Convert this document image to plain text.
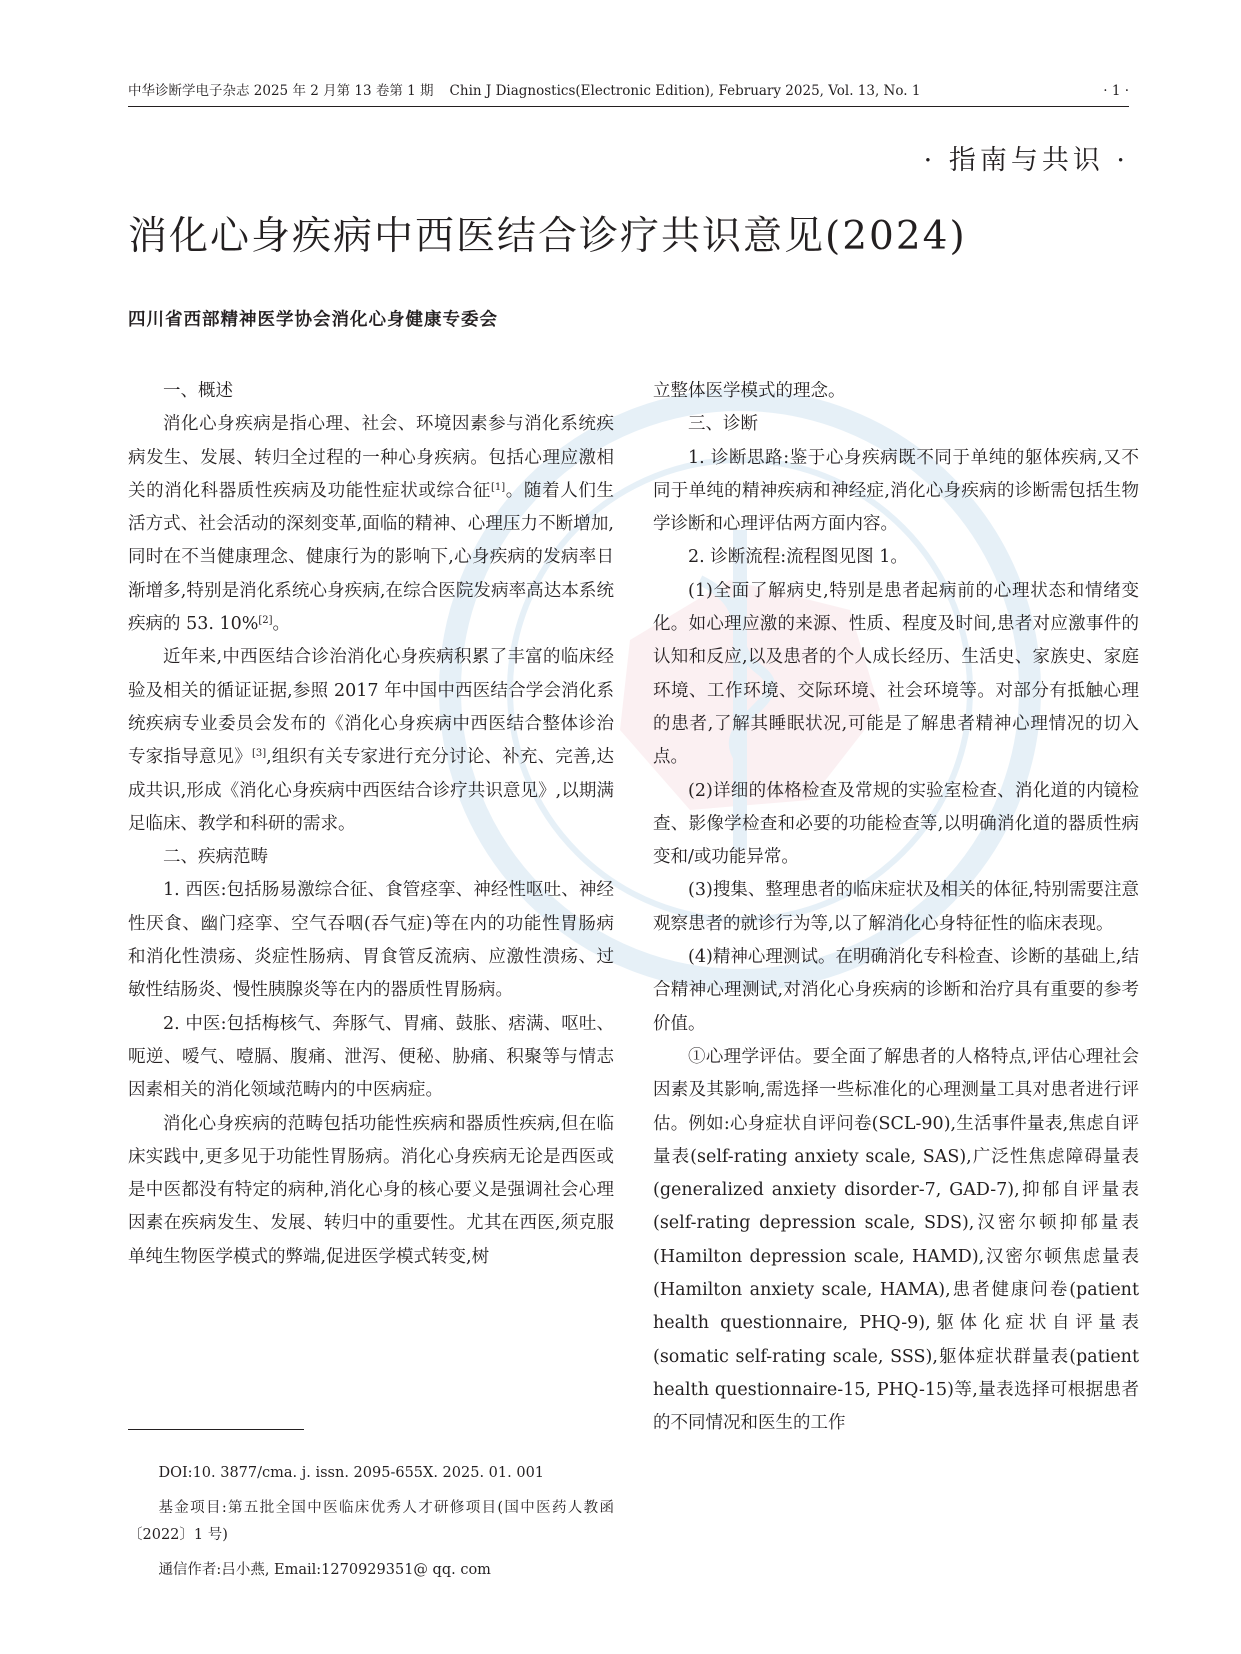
中华诊断学电子杂志 2025 年 2 月第 13 卷第 1 期 Chin J Diagnostics(Electronic Edition), February 2025, Vol. 13, No. 1	· 1 ·
· 指南与共识 ·
消化心身疾病中西医结合诊疗共识意见(2024)
四川省西部精神医学协会消化心身健康专委会

一、概述

消化心身疾病是指心理、社会、环境因素参与消化系统疾病发生、发展、转归全过程的一种心身疾病。包括心理应激相关的消化科器质性疾病及功能性症状或综合征[1]。随着人们生活方式、社会活动的深刻变革,面临的精神、心理压力不断增加,同时在不当健康理念、健康行为的影响下,心身疾病的发病率日渐增多,特别是消化系统心身疾病,在综合医院发病率高达本系统疾病的 53. 10%[2]。

近年来,中西医结合诊治消化心身疾病积累了丰富的临床经验及相关的循证证据,参照 2017 年中国中西医结合学会消化系统疾病专业委员会发布的《消化心身疾病中西医结合整体诊治专家指导意见》[3],组织有关专家进行充分讨论、补充、完善,达成共识,形成《消化心身疾病中西医结合诊疗共识意见》,以期满足临床、教学和科研的需求。

二、疾病范畴

1. 西医:包括肠易激综合征、食管痉挛、神经性呕吐、神经性厌食、幽门痉挛、空气吞咽(吞气症)等在内的功能性胃肠病和消化性溃疡、炎症性肠病、胃食管反流病、应激性溃疡、过敏性结肠炎、慢性胰腺炎等在内的器质性胃肠病。

2. 中医:包括梅核气、奔豚气、胃痛、鼓胀、痞满、呕吐、呃逆、嗳气、噎膈、腹痛、泄泻、便秘、胁痛、积聚等与情志因素相关的消化领域范畴内的中医病症。

消化心身疾病的范畴包括功能性疾病和器质性疾病,但在临床实践中,更多见于功能性胃肠病。消化心身疾病无论是西医或是中医都没有特定的病种,消化心身的核心要义是强调社会心理因素在疾病发生、发展、转归中的重要性。尤其在西医,须克服单纯生物医学模式的弊端,促进医学模式转变,树

DOI:10. 3877/cma. j. issn. 2095-655X. 2025. 01. 001

基金项目:第五批全国中医临床优秀人才研修项目(国中医药人教函〔2022〕1 号)

通信作者:吕小燕, Email:1270929351@ qq. com

立整体医学模式的理念。

三、诊断

1. 诊断思路:鉴于心身疾病既不同于单纯的躯体疾病,又不同于单纯的精神疾病和神经症,消化心身疾病的诊断需包括生物学诊断和心理评估两方面内容。

2. 诊断流程:流程图见图 1。

(1)全面了解病史,特别是患者起病前的心理状态和情绪变化。如心理应激的来源、性质、程度及时间,患者对应激事件的认知和反应,以及患者的个人成长经历、生活史、家族史、家庭环境、工作环境、交际环境、社会环境等。对部分有抵触心理的患者,了解其睡眠状况,可能是了解患者精神心理情况的切入点。

(2)详细的体格检查及常规的实验室检查、消化道的内镜检查、影像学检查和必要的功能检查等,以明确消化道的器质性病变和/或功能异常。

(3)搜集、整理患者的临床症状及相关的体征,特别需要注意观察患者的就诊行为等,以了解消化心身特征性的临床表现。

(4)精神心理测试。在明确消化专科检查、诊断的基础上,结合精神心理测试,对消化心身疾病的诊断和治疗具有重要的参考价值。

①心理学评估。要全面了解患者的人格特点,评估心理社会因素及其影响,需选择一些标准化的心理测量工具对患者进行评估。例如:心身症状自评问卷(SCL-90),生活事件量表,焦虑自评量表(self-rating anxiety scale, SAS),广泛性焦虑障碍量表(generalized anxiety disorder-7, GAD-7),抑郁自评量表(self-rating depression scale, SDS),汉密尔顿抑郁量表(Hamilton depression scale, HAMD),汉密尔顿焦虑量表(Hamilton anxiety scale, HAMA),患者健康问卷(patient health questionnaire, PHQ-9),躯体化症状自评量表(somatic self-rating scale, SSS),躯体症状群量表(patient health questionnaire-15, PHQ-15)等,量表选择可根据患者的不同情况和医生的工作
